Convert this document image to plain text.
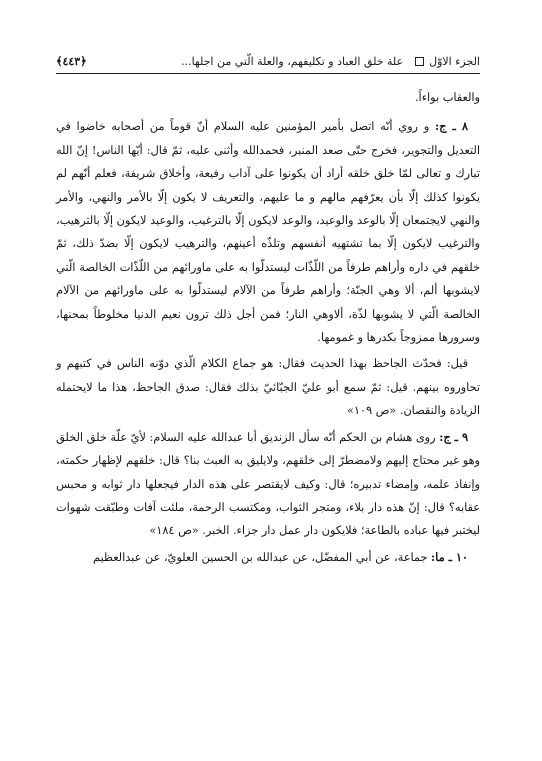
الجزء الاوّل
علة خلق العباد و تكليفهم، والعلة الّتي من اجلها...
﴿٤٤٣﴾

والعقاب بواءاً.

٨ ـ ج: و روي أنّه اتصل بأمير المؤمنين عليه السلام أنّ قوماً من أصحابه خاضوا في التعديل والتجوير، فخرج حتّى صعد المنبر، فحمدالله وأثنى عليه، ثمّ قال: أيّها الناس! إنّ الله تبارك و تعالى لمّا خلق خلقه أراد أن يكونوا على آداب رفيعة، وأخلاق شريفة، فعلم أنّهم لم يكونوا كذلك إلّا بأن يعرّفهم مالهم و ما عليهم، والتعريف لا يكون إلّا بالأمر والنهي، والأمر والنهي لايجتمعان إلّا بالوعد والوعيد، والوعد لايكون إلّا بالترغيب، والوعيد لايكون إلّا بالترهيب، والترغيب لايكون إلّا بما تشتهيه أنفسهم وتلذّه أعينهم، والترهيب لايكون إلّا بضدّ ذلك، ثمّ خلقهم في داره وأراهم طرفاً من اللّذّات ليستدلّوا به على ماورائهم من اللّذّات الخالصة الّتي لايشوبها ألم، ألا وهي الجنّة؛ وأراهم طرفاً من الآلام ليستدلّوا به على ماورائهم من الآلام الخالصة الّتي لا يشوبها لذّة، ألاوهي النار؛ فمن أجل ذلك ترون نعيم الدنيا مخلوطاً بمحنها، وسرورها ممزوجاً بكدرها و غمومها.

قيل: فحدّث الجاحظ بهذا الحديث فقال: هو جماع الكلام الّذي دوّنه الناس في كتبهم و تحاوروه بينهم. قيل: ثمّ سمع أبو عليّ الجبّائيّ بذلك فقال: صدق الجاحظ، هذا ما لايحتمله الزيادة والنقصان. «ص ١٠٩»

٩ ـ ج: روى هشام بن الحكم أنّه سأل الزنديق أبا عبدالله عليه السلام: لأيّ علّة خلق الخلق وهو غير محتاج إليهم ولامضطرّ إلى خلقهم، ولايليق به العبث بنا؟ قال: خلقهم لإظهار حكمته، وإنفاذ علمه، وإمضاء تدبيره؛ قال: وكيف لايقتصر على هذه الدار فيجعلها دار ثوابه و محبس عقابه؟ قال: إنّ هذه دار بلاء، ومتجر الثواب، ومكتسب الرحمة، ملئت آفات وطبّقت شهوات ليختبر فيها عباده بالطاعة؛ فلايكون دار عمل دار جزاء. الخبر. «ص ١٨٤»

١٠ ـ ما: جماعة، عن أبي المفضّل، عن عبدالله بن الحسين العلويّ، عن عبدالعظيم
